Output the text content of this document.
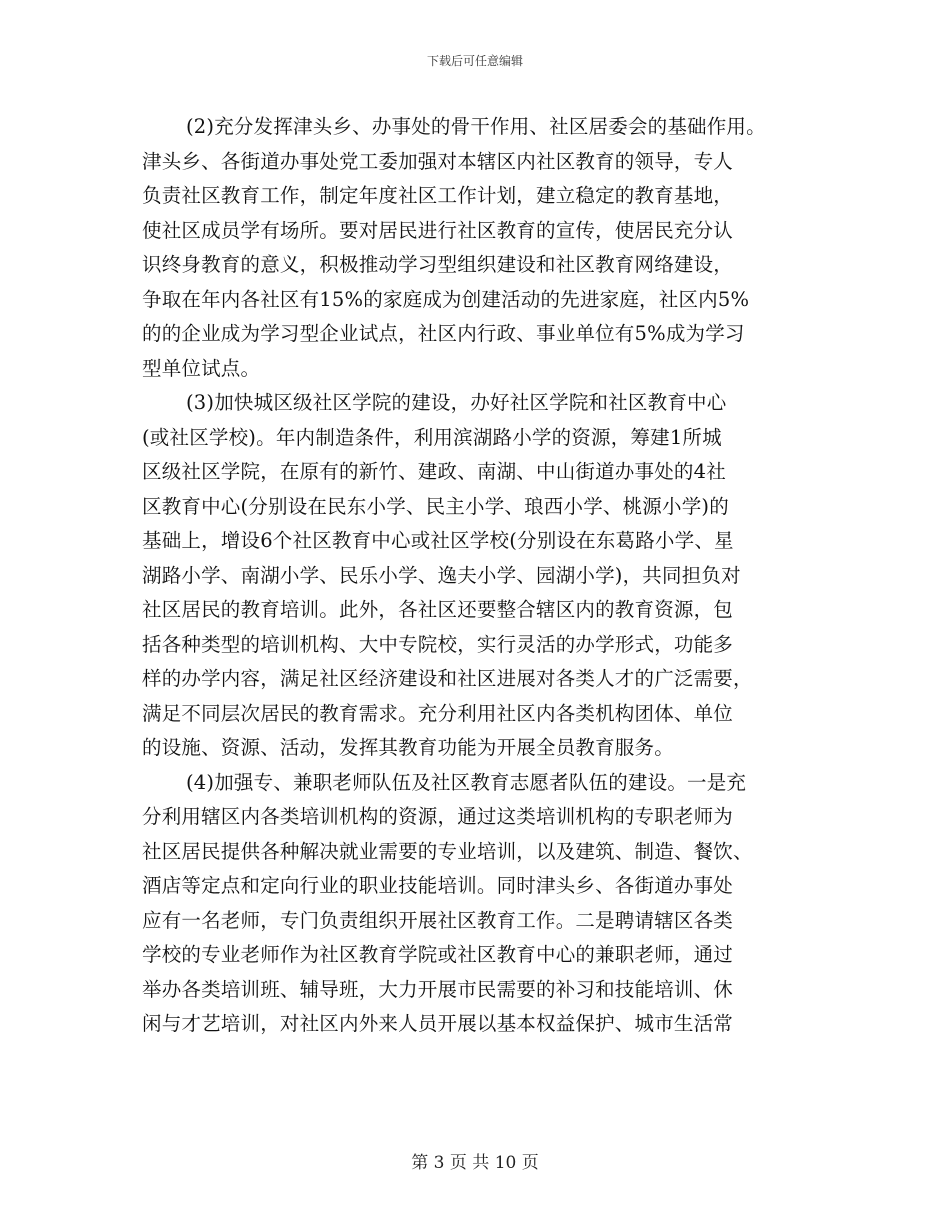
下载后可任意编辑
(2)充分发挥津头乡、办事处的骨干作用、社区居委会的基础作用。
津头乡、各街道办事处党工委加强对本辖区内社区教育的领导，专人
负责社区教育工作，制定年度社区工作计划，建立稳定的教育基地，
使社区成员学有场所。要对居民进行社区教育的宣传，使居民充分认
识终身教育的意义，积极推动学习型组织建设和社区教育网络建设，
争取在年内各社区有15%的家庭成为创建活动的先进家庭，社区内5%
的的企业成为学习型企业试点，社区内行政、事业单位有5%成为学习
型单位试点。
(3)加快城区级社区学院的建设，办好社区学院和社区教育中心
(或社区学校)。年内制造条件，利用滨湖路小学的资源，筹建1所城
区级社区学院，在原有的新竹、建政、南湖、中山街道办事处的4社
区教育中心(分别设在民东小学、民主小学、琅西小学、桃源小学)的
基础上，增设6个社区教育中心或社区学校(分别设在东葛路小学、星
湖路小学、南湖小学、民乐小学、逸夫小学、园湖小学)，共同担负对
社区居民的教育培训。此外，各社区还要整合辖区内的教育资源，包
括各种类型的培训机构、大中专院校，实行灵活的办学形式，功能多
样的办学内容，满足社区经济建设和社区进展对各类人才的广泛需要，
满足不同层次居民的教育需求。充分利用社区内各类机构团体、单位
的设施、资源、活动，发挥其教育功能为开展全员教育服务。
(4)加强专、兼职老师队伍及社区教育志愿者队伍的建设。一是充
分利用辖区内各类培训机构的资源，通过这类培训机构的专职老师为
社区居民提供各种解决就业需要的专业培训，以及建筑、制造、餐饮、
酒店等定点和定向行业的职业技能培训。同时津头乡、各街道办事处
应有一名老师，专门负责组织开展社区教育工作。二是聘请辖区各类
学校的专业老师作为社区教育学院或社区教育中心的兼职老师，通过
举办各类培训班、辅导班，大力开展市民需要的补习和技能培训、休
闲与才艺培训，对社区内外来人员开展以基本权益保护、城市生活常
第 3 页 共 10 页
